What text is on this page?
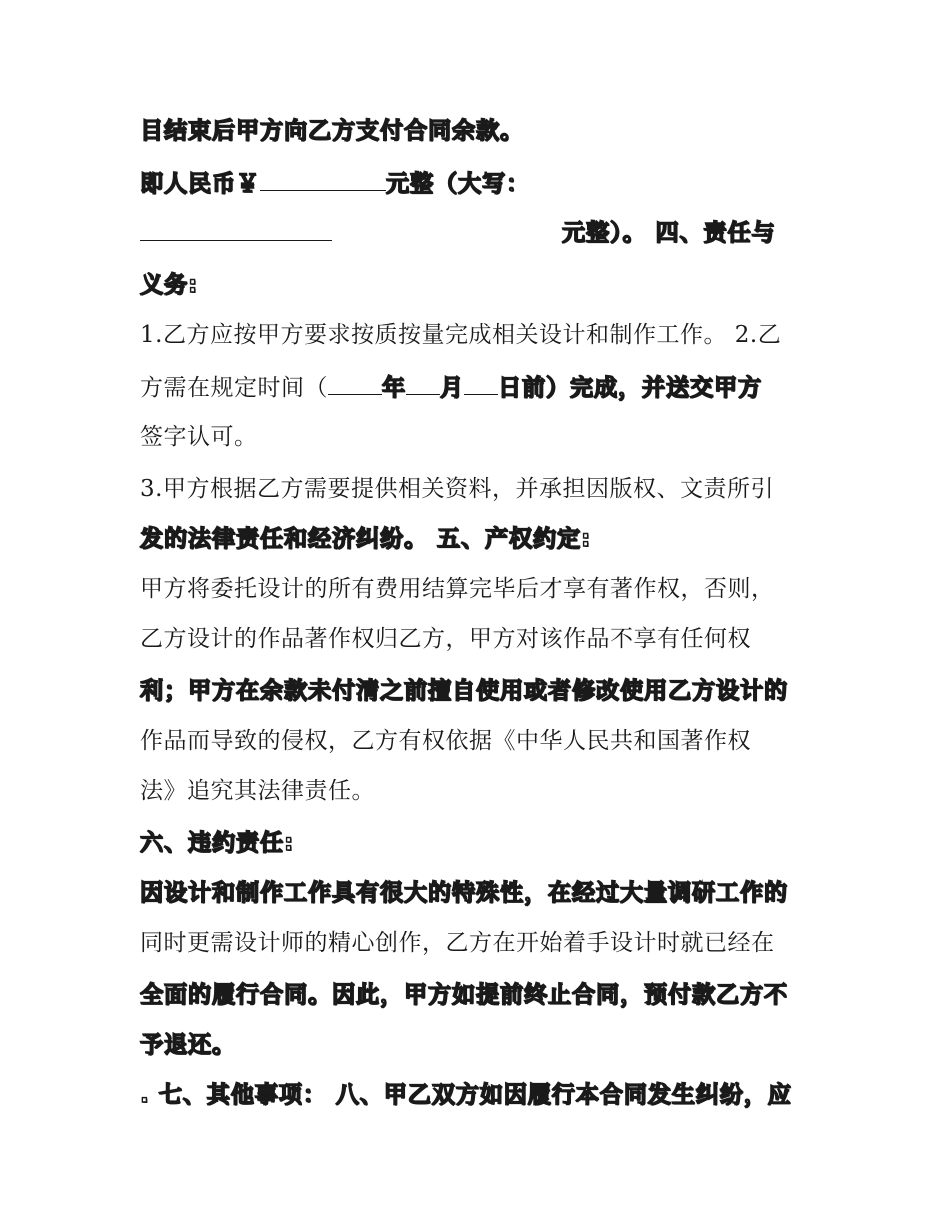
目结束后甲方向乙方支付合同余款。
即人民币￥	元整（大写：
元整）。 四、责任与
义务:
1.乙方应按甲方要求按质按量完成相关设计和制作工作。 2.乙
方需在规定时间（ 年 月 日前）完成，并送交甲方
签字认可。
3.甲方根据乙方需要提供相关资料，并承担因版权、文责所引
发的法律责任和经济纠纷。 五、产权约定:
甲方将委托设计的所有费用结算完毕后才享有著作权，否则，
乙方设计的作品著作权归乙方，甲方对该作品不享有任何权
利；甲方在余款未付清之前擅自使用或者修改使用乙方设计的
作品而导致的侵权，乙方有权依据《中华人民共和国著作权
法》追究其法律责任。
六、违约责任:
因设计和制作工作具有很大的特殊性，在经过大量调研工作的
同时更需设计师的精心创作，乙方在开始着手设计时就已经在
全面的履行合同。因此，甲方如提前终止合同，预付款乙方不
予退还。
. 七、其他事项： 八、甲乙双方如因履行本合同发生纠纷，应
